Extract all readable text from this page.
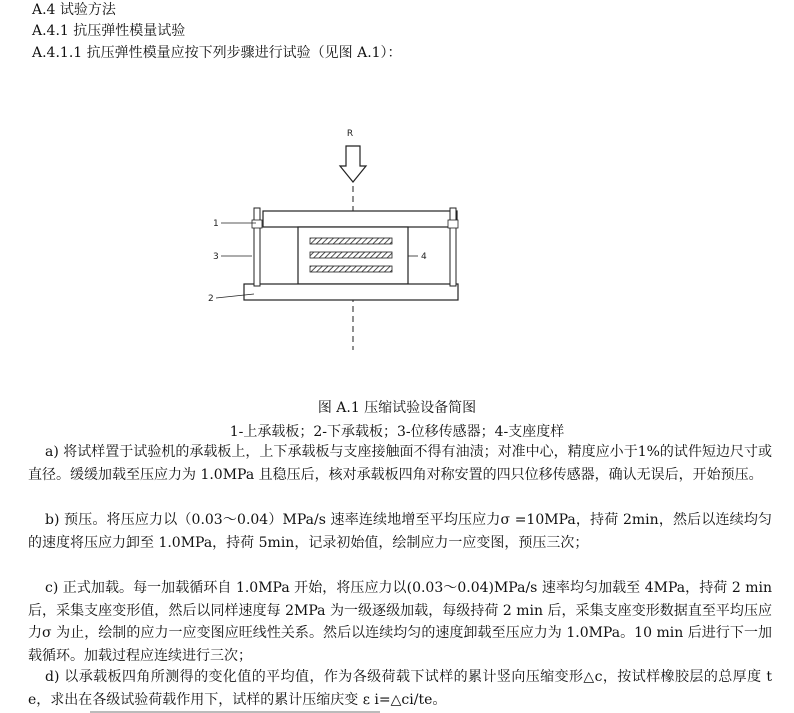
A.4 试验方法
A.4.1 抗压弹性模量试验
A.4.1.1 抗压弹性模量应按下列步骤进行试验（见图 A.1）：
R
1
3
2
4
图 A.1 压缩试验设备简图
1-上承载板；2-下承载板；3-位移传感器；4-支座度样
a) 将试样置于试验机的承载板上，上下承载板与支座接触面不得有油渍；对准中心，精度应小于1%的试件短边尺寸或直径。缓缓加载至压应力为 1.0MPa 且稳压后，核对承载板四角对称安置的四只位移传感器，确认无误后，开始预压。
b) 预压。将压应力以（0.03～0.04）MPa/s 速率连续地增至平均压应力σ =10MPa，持荷 2min，然后以连续均匀的速度将压应力卸至 1.0MPa，持荷 5min，记录初始值，绘制应力一应变图，预压三次；
c) 正式加载。每一加载循环自 1.0MPa 开始，将压应力以(0.03～0.04)MPa/s 速率均匀加载至 4MPa，持荷 2 min 后，采集支座变形值，然后以同样速度每 2MPa 为一级逐级加载，每级持荷 2 min 后，采集支座变形数据直至平均压应力σ 为止，绘制的应力一应变图应旺线性关系。然后以连续均匀的速度卸载至压应力为 1.0MPa。10 min 后进行下一加载循环。加载过程应连续进行三次；
d) 以承载板四角所测得的变化值的平均值，作为各级荷载下试样的累计竖向压缩变形△c，按试样橡胶层的总厚度 te，求出在各级试验荷载作用下，试样的累计压缩庆变 ε i=△ci/te。
